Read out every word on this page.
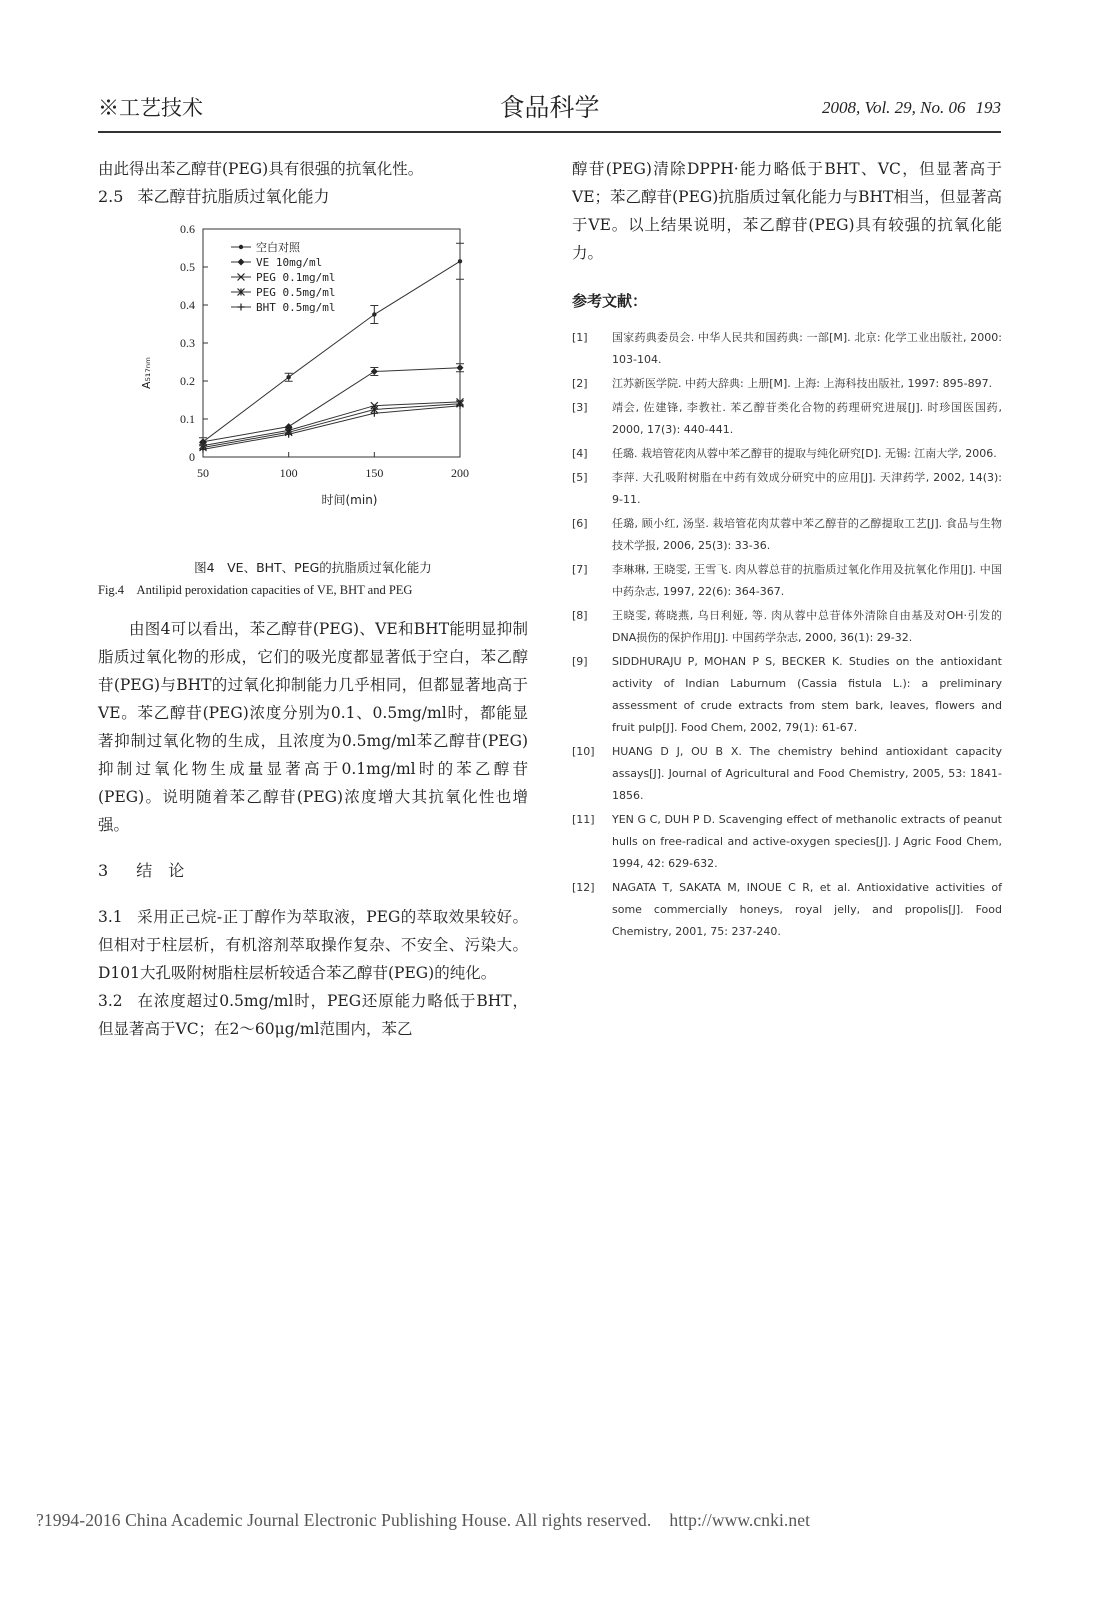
※工艺技术	食品科学	2008, Vol. 29, No. 06 193

由此得出苯乙醇苷(PEG)具有很强的抗氧化性。

2.5 苯乙醇苷抗脂质过氧化能力

0
0.1
0.2
0.3
0.4
0.5
0.6
50	100	150	200
时间(min)
A₅₁₇ₙₘ
空白对照
VE 10mg/ml
PEG 0.1mg/ml
PEG 0.5mg/ml
BHT 0.5mg/ml
图4　VE、BHT、PEG的抗脂质过氧化能力
Fig.4　Antilipid peroxidation capacities of VE, BHT and PEG

由图4可以看出，苯乙醇苷(PEG)、VE和BHT能明显抑制脂质过氧化物的形成，它们的吸光度都显著低于空白，苯乙醇苷(PEG)与BHT的过氧化抑制能力几乎相同，但都显著地高于VE。苯乙醇苷(PEG)浓度分别为0.1、0.5mg/ml时，都能显著抑制过氧化物的生成，且浓度为0.5mg/ml苯乙醇苷(PEG)抑制过氧化物生成量显著高于0.1mg/ml时的苯乙醇苷(PEG)。说明随着苯乙醇苷(PEG)浓度增大其抗氧化性也增强。

3 结　论

3.1 采用正己烷-正丁醇作为萃取液，PEG的萃取效果较好。但相对于柱层析，有机溶剂萃取操作复杂、不安全、污染大。D101大孔吸附树脂柱层析较适合苯乙醇苷(PEG)的纯化。

3.2 在浓度超过0.5mg/ml时，PEG还原能力略低于BHT，但显著高于VC；在2～60μg/ml范围内，苯乙

醇苷(PEG)清除DPPH·能力略低于BHT、VC，但显著高于VE；苯乙醇苷(PEG)抗脂质过氧化能力与BHT相当，但显著高于VE。以上结果说明，苯乙醇苷(PEG)具有较强的抗氧化能力。

参考文献：
[1]	国家药典委员会. 中华人民共和国药典: 一部[M]. 北京: 化学工业出版社, 2000: 103-104.
[2]	江苏新医学院. 中药大辞典: 上册[M]. 上海: 上海科技出版社, 1997: 895-897.
[3]	靖会, 佐建锋, 李教社. 苯乙醇苷类化合物的药理研究进展[J]. 时珍国医国药, 2000, 17(3): 440-441.
[4]	任璐. 栽培管花肉从蓉中苯乙醇苷的提取与纯化研究[D]. 无锡: 江南大学, 2006.
[5]	李萍. 大孔吸附树脂在中药有效成分研究中的应用[J]. 天津药学, 2002, 14(3): 9-11.
[6]	任璐, 顾小红, 汤坚. 栽培管花肉苁蓉中苯乙醇苷的乙醇提取工艺[J]. 食品与生物技术学报, 2006, 25(3): 33-36.
[7]	李琳琳, 王晓雯, 王雪飞. 肉从蓉总苷的抗脂质过氧化作用及抗氧化作用[J]. 中国中药杂志, 1997, 22(6): 364-367.
[8]	王晓雯, 蒋晓燕, 乌日利娅, 等. 肉从蓉中总苷体外清除自由基及对OH·引发的DNA损伤的保护作用[J]. 中国药学杂志, 2000, 36(1): 29-32.
[9]	SIDDHURAJU P, MOHAN P S, BECKER K. Studies on the antioxidant activity of Indian Laburnum (Cassia fistula L.): a preliminary assessment of crude extracts from stem bark, leaves, flowers and fruit pulp[J]. Food Chem, 2002, 79(1): 61-67.
[10]	HUANG D J, OU B X. The chemistry behind antioxidant capacity assays[J]. Journal of Agricultural and Food Chemistry, 2005, 53: 1841-1856.
[11]	YEN G C, DUH P D. Scavenging effect of methanolic extracts of peanut hulls on free-radical and active-oxygen species[J]. J Agric Food Chem, 1994, 42: 629-632.
[12]	NAGATA T, SAKATA M, INOUE C R, et al. Antioxidative activities of some commercially honeys, royal jelly, and propolis[J]. Food Chemistry, 2001, 75: 237-240.
?1994-2016 China Academic Journal Electronic Publishing House. All rights reserved. http://www.cnki.net
